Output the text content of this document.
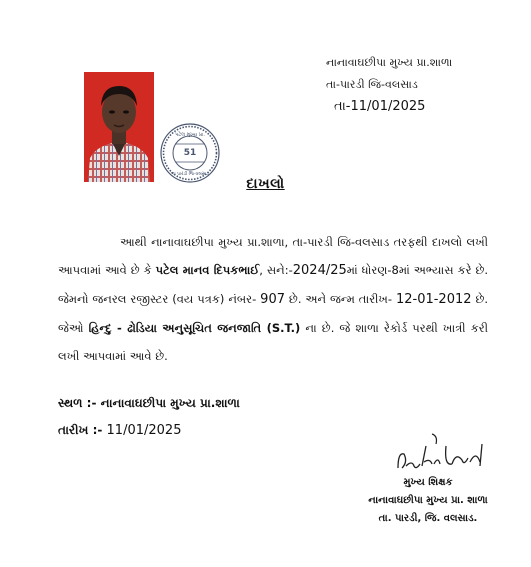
નાનાવાઘછીપા મુખ્ય પ્રા.શાળા
તા-પારડી જિ-વલસાડ
તા-11/01/2025
પટેલ મુખ્ય પ્રા.
51
ભા પારડી જિ-વલસાડ
દાખલો
આથી નાનાવાઘછીપા મુખ્ય પ્રા.શાળા, તા-પારડી જિ-વલસાડ તરફથી દાખલો લખી આપવામાં આવે છે કે પટેલ માનવ દિપકભાઈ, સને:-2024/25માં ધોરણ-8માં અભ્યાસ કરે છે. જેમનો જનરલ રજીસ્ટર (વય પત્રક) નંબર- 907 છે. અને જન્મ તારીખ- 12-01-2012 છે. જેઓ હિન્દુ - ઢોડિયા અનુસૂચિત જનજાતિ (S.T.) ના છે. જે શાળા રેકોર્ડ પરથી ખાત્રી કરી લખી આપવામાં આવે છે.
સ્થળ :- નાનાવાઘછીપા મુખ્ય પ્રા.શાળા
તારીખ :- 11/01/2025
મુખ્ય શિક્ષક
નાનાવાઘછીપા મુખ્ય પ્રા. શાળા
તા. પારડી, જિ. વલસાડ.
